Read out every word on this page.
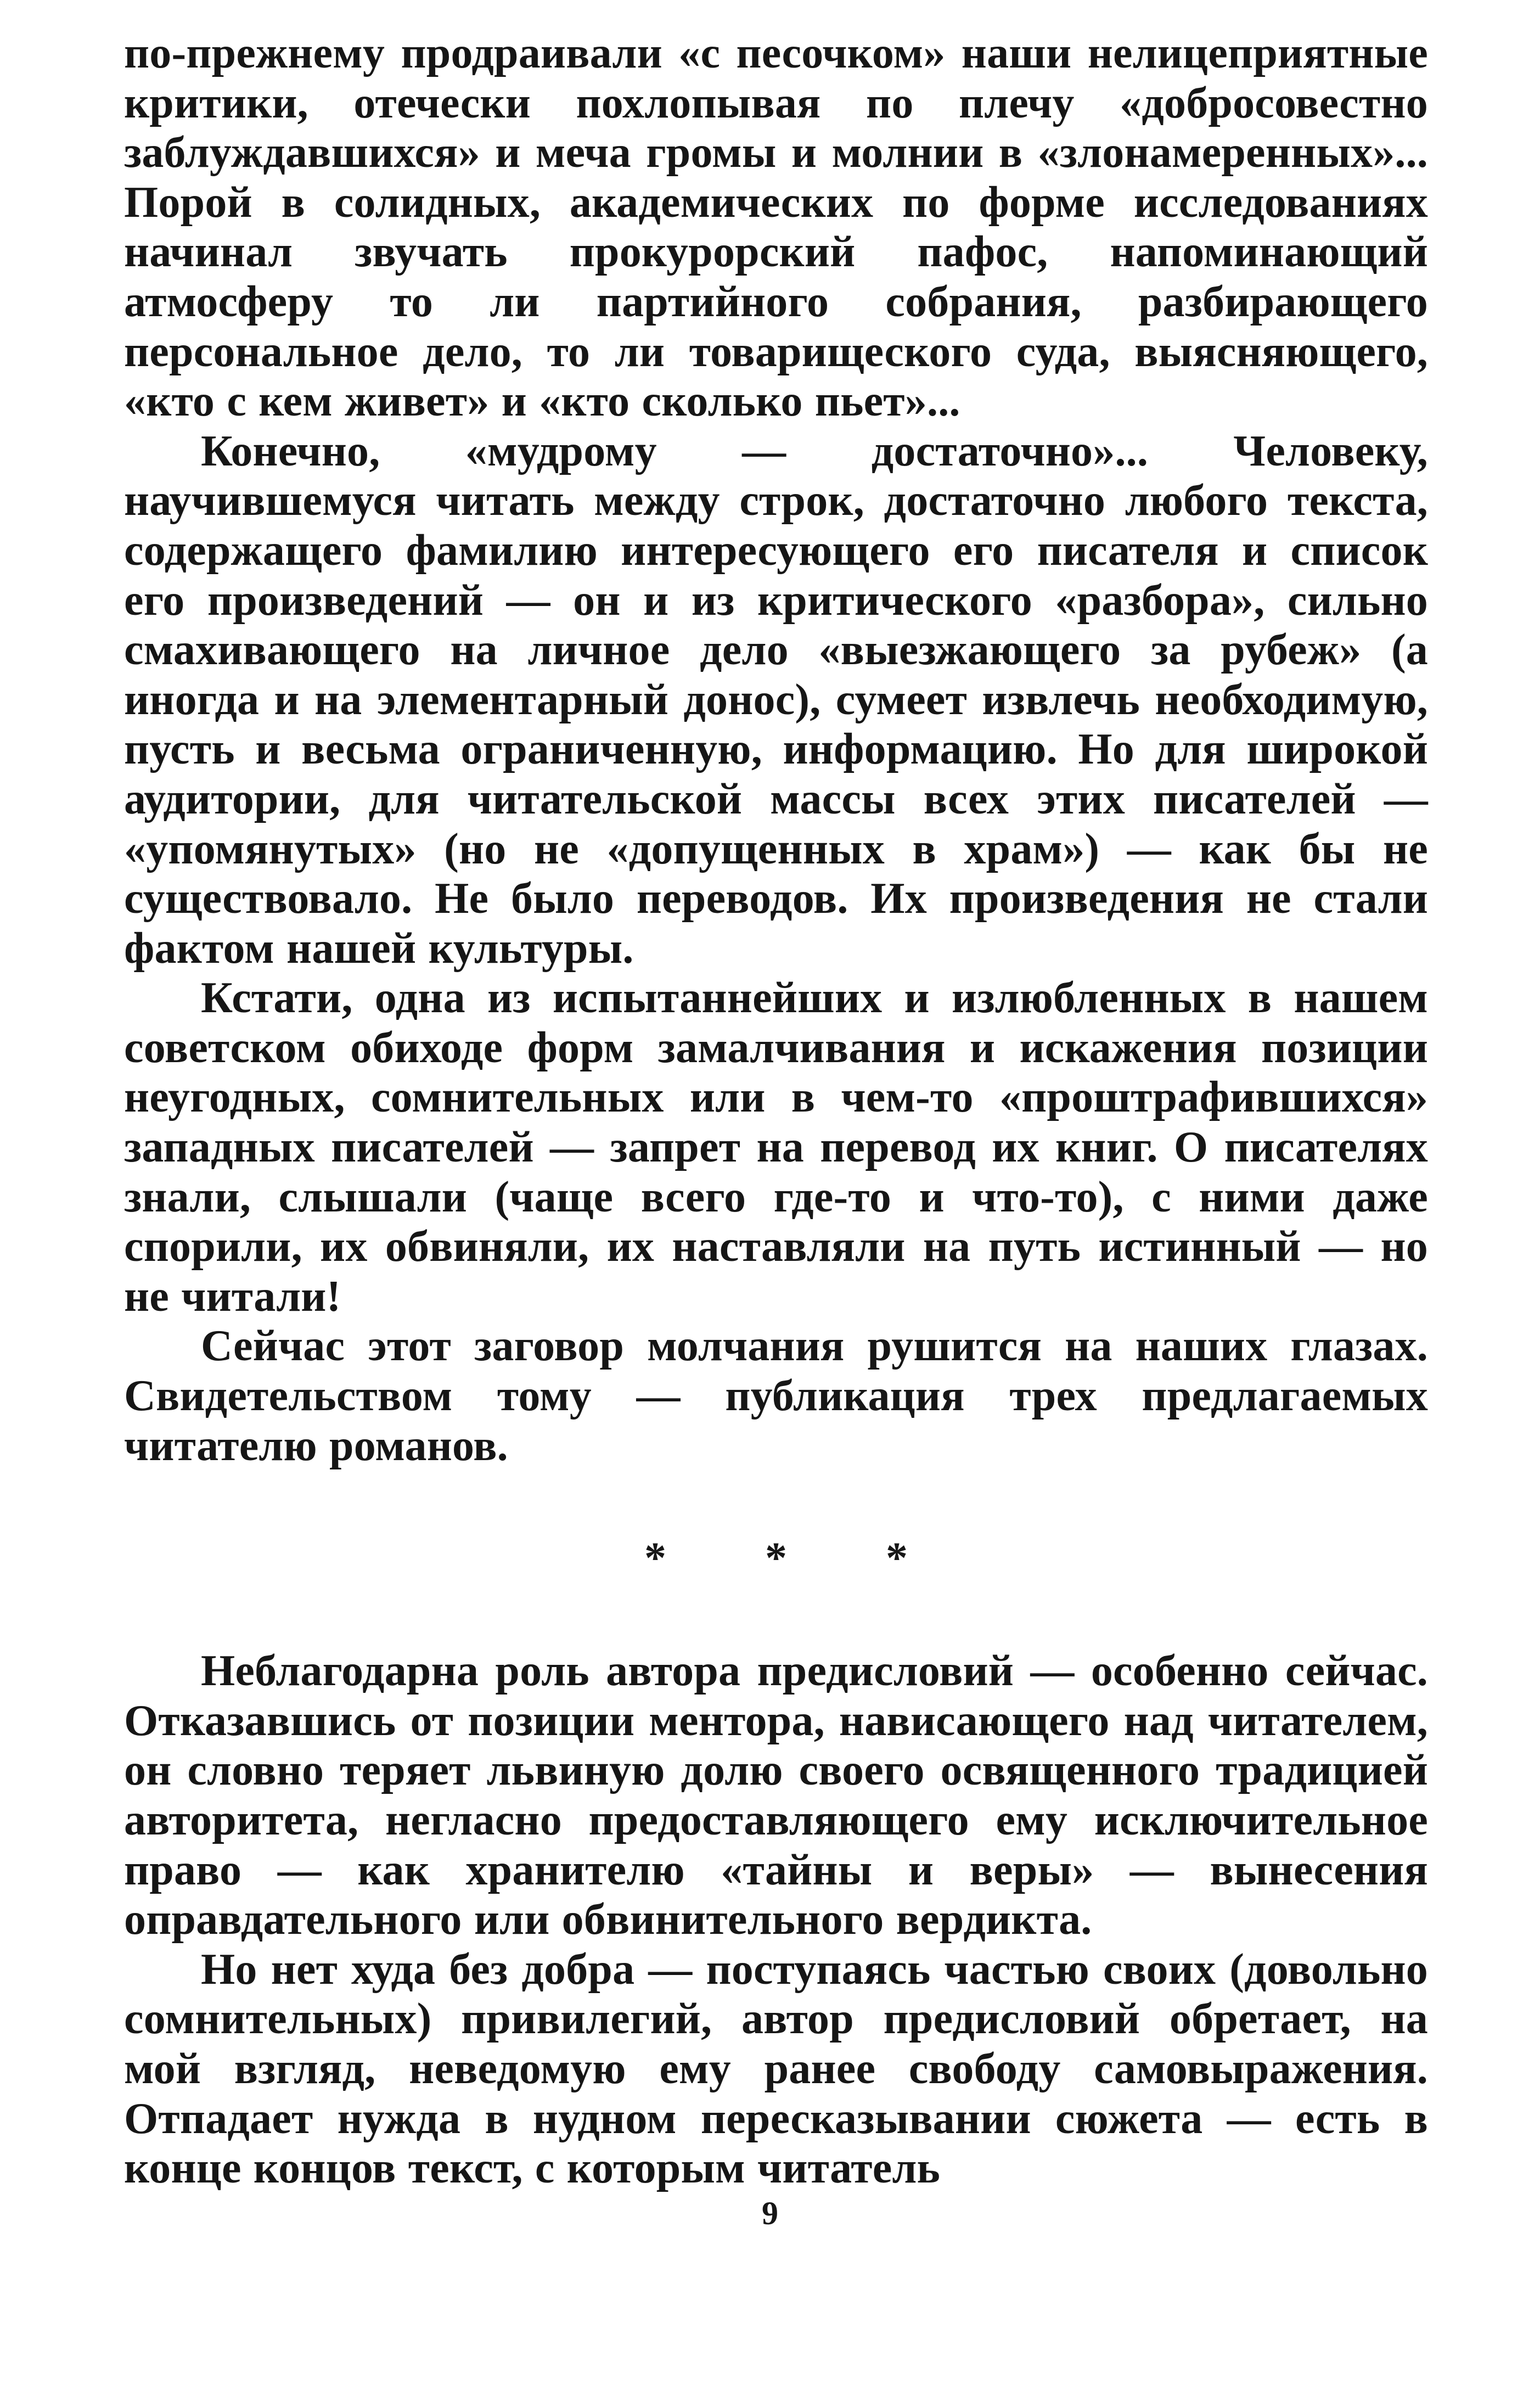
по-прежнему продраивали «с песочком» наши нелицеприятные критики, отечески похлопывая по плечу «добросовестно заблуждавшихся» и меча громы и молнии в «злонамеренных»... Порой в солидных, академических по форме исследованиях начинал звучать прокурорский пафос, напоминающий атмосферу то ли партийного собрания, разбирающего персональное дело, то ли товарищеского суда, выясняющего, «кто с кем живет» и «кто сколько пьет»...

Конечно, «мудрому — достаточно»... Человеку, научившемуся читать между строк, достаточно любого текста, содержащего фамилию интересующего его писателя и список его произведений — он и из критического «разбора», сильно смахивающего на личное дело «выезжающего за рубеж» (а иногда и на элементарный донос), сумеет извлечь необходимую, пусть и весьма ограниченную, информацию. Но для широкой аудитории, для читательской массы всех этих писателей — «упомянутых» (но не «допущенных в храм») — как бы не существовало. Не было переводов. Их произведения не стали фактом нашей культуры.

Кстати, одна из испытаннейших и излюбленных в нашем советском обиходе форм замалчивания и искажения позиции неугодных, сомнительных или в чем-то «проштрафившихся» западных писателей — запрет на перевод их книг. О писателях знали, слышали (чаще всего где-то и что-то), с ними даже спорили, их обвиняли, их наставляли на путь истинный — но не читали!

Сейчас этот заговор молчания рушится на наших глазах. Свидетельством тому — публикация трех предлагаемых читателю романов.

* * *

Неблагодарна роль автора предисловий — особенно сейчас. Отказавшись от позиции ментора, нависающего над читателем, он словно теряет львиную долю своего освященного традицией авторитета, негласно предоставляющего ему исключительное право — как хранителю «тайны и веры» — вынесения оправдательного или обвинительного вердикта.

Но нет худа без добра — поступаясь частью своих (довольно сомнительных) привилегий, автор предисловий обретает, на мой взгляд, неведомую ему ранее свободу самовыражения. Отпадает нужда в нудном пересказывании сюжета — есть в конце концов текст, с которым читатель

9
